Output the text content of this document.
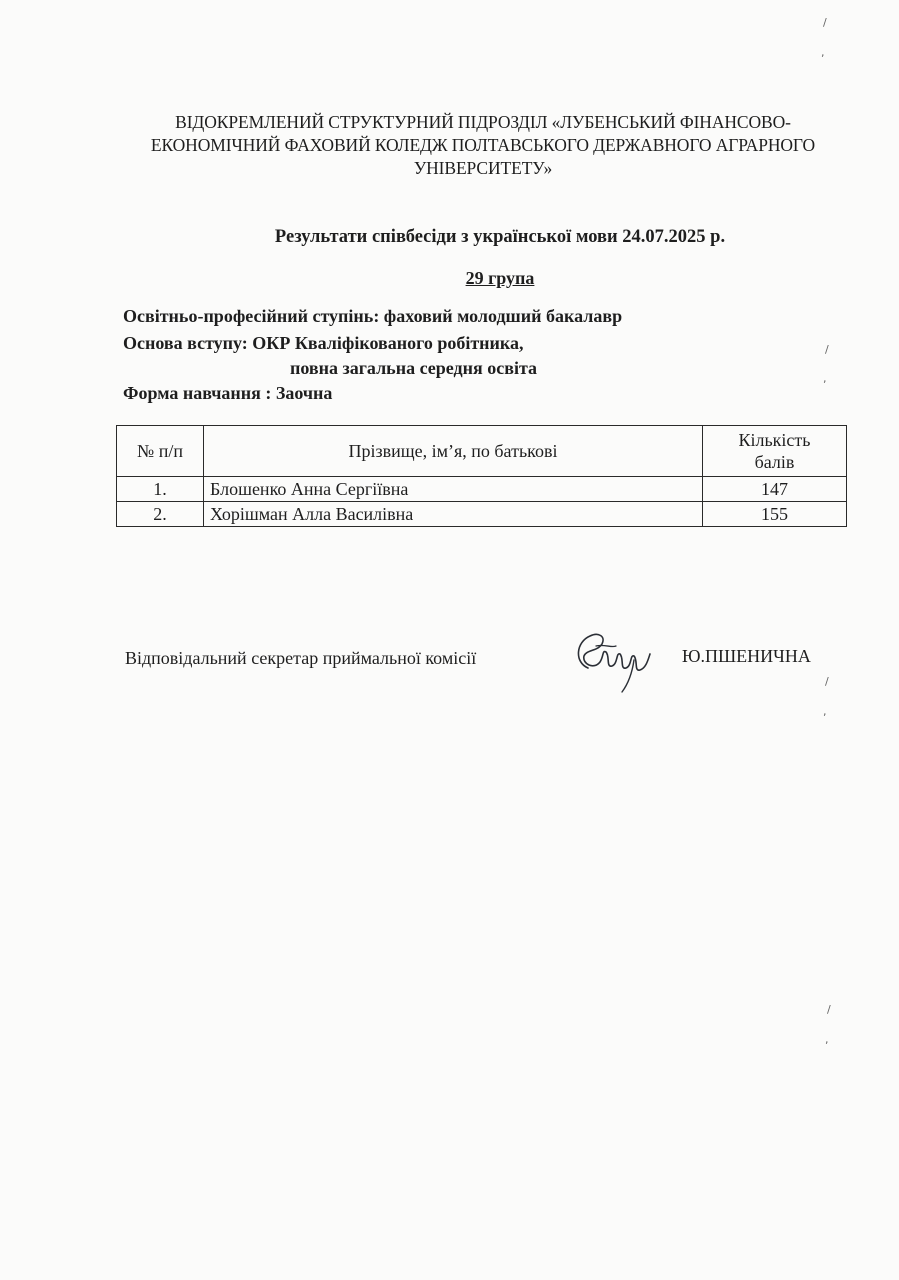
ВІДОКРЕМЛЕНИЙ СТРУКТУРНИЙ ПІДРОЗДІЛ «ЛУБЕНСЬКИЙ ФІНАНСОВО-
ЕКОНОМІЧНИЙ ФАХОВИЙ КОЛЕДЖ ПОЛТАВСЬКОГО ДЕРЖАВНОГО АГРАРНОГО
УНІВЕРСИТЕТУ»
Результати співбесіди з української мови 24.07.2025 р.
29 група
Освітньо-професійний ступінь: фаховий молодший бакалавр
Основа вступу: ОКР Кваліфікованого робітника,
повна загальна середня освіта
Форма навчання : Заочна
№ п/п	Прізвище, ім’я, по батькові	Кількість
балів

1.	Блошенко Анна Сергіївна	147
2.	Хорішман Алла Василівна	155
Відповідальний секретар приймальної комісії	Ю.ПШЕНИЧНА
/
,
/
,
/
,
/
,
